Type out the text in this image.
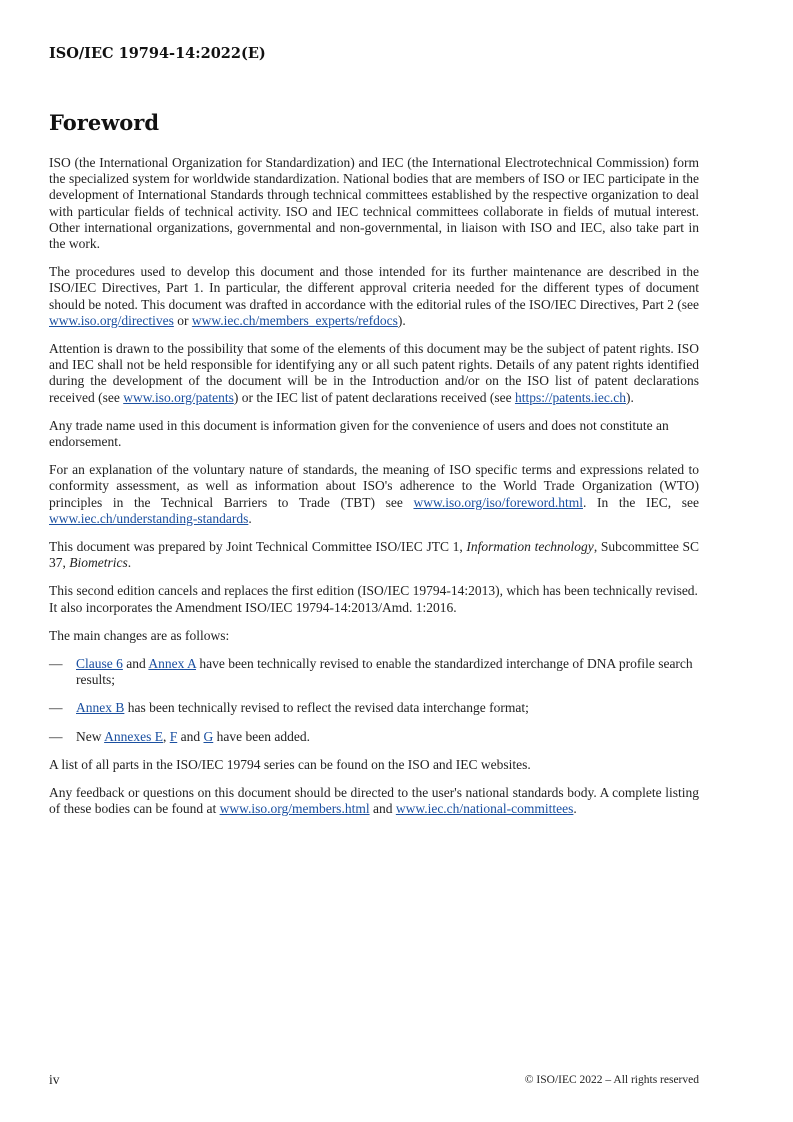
ISO/IEC 19794-14:2022(E)
Foreword

ISO (the International Organization for Standardization) and IEC (the International Electrotechnical Commission) form the specialized system for worldwide standardization. National bodies that are members of ISO or IEC participate in the development of International Standards through technical committees established by the respective organization to deal with particular fields of technical activity. ISO and IEC technical committees collaborate in fields of mutual interest. Other international organizations, governmental and non-governmental, in liaison with ISO and IEC, also take part in the work.

The procedures used to develop this document and those intended for its further maintenance are described in the ISO/IEC Directives, Part 1. In particular, the different approval criteria needed for the different types of document should be noted. This document was drafted in accordance with the editorial rules of the ISO/IEC Directives, Part 2 (see www.iso.org/directives or www.iec.ch/members_experts/refdocs).

Attention is drawn to the possibility that some of the elements of this document may be the subject of patent rights. ISO and IEC shall not be held responsible for identifying any or all such patent rights. Details of any patent rights identified during the development of the document will be in the Introduction and/or on the ISO list of patent declarations received (see www.iso.org/patents) or the IEC list of patent declarations received (see https://patents.iec.ch).

Any trade name used in this document is information given for the convenience of users and does not constitute an endorsement.

For an explanation of the voluntary nature of standards, the meaning of ISO specific terms and expressions related to conformity assessment, as well as information about ISO's adherence to the World Trade Organization (WTO) principles in the Technical Barriers to Trade (TBT) see www.iso.org/iso/foreword.html. In the IEC, see www.iec.ch/understanding-standards.

This document was prepared by Joint Technical Committee ISO/IEC JTC 1, Information technology, Subcommittee SC 37, Biometrics.

This second edition cancels and replaces the first edition (ISO/IEC 19794-14:2013), which has been technically revised. It also incorporates the Amendment ISO/IEC 19794-14:2013/Amd. 1:2016.

The main changes are as follows:

—	Clause 6 and Annex A have been technically revised to enable the standardized interchange of DNA profile search results;
—	Annex B has been technically revised to reflect the revised data interchange format;
—	New Annexes E, F and G have been added.

A list of all parts in the ISO/IEC 19794 series can be found on the ISO and IEC websites.

Any feedback or questions on this document should be directed to the user's national standards body. A complete listing of these bodies can be found at www.iso.org/members.html and www.iec.ch/national-committees.

iv	© ISO/IEC 2022 – All rights reserved
